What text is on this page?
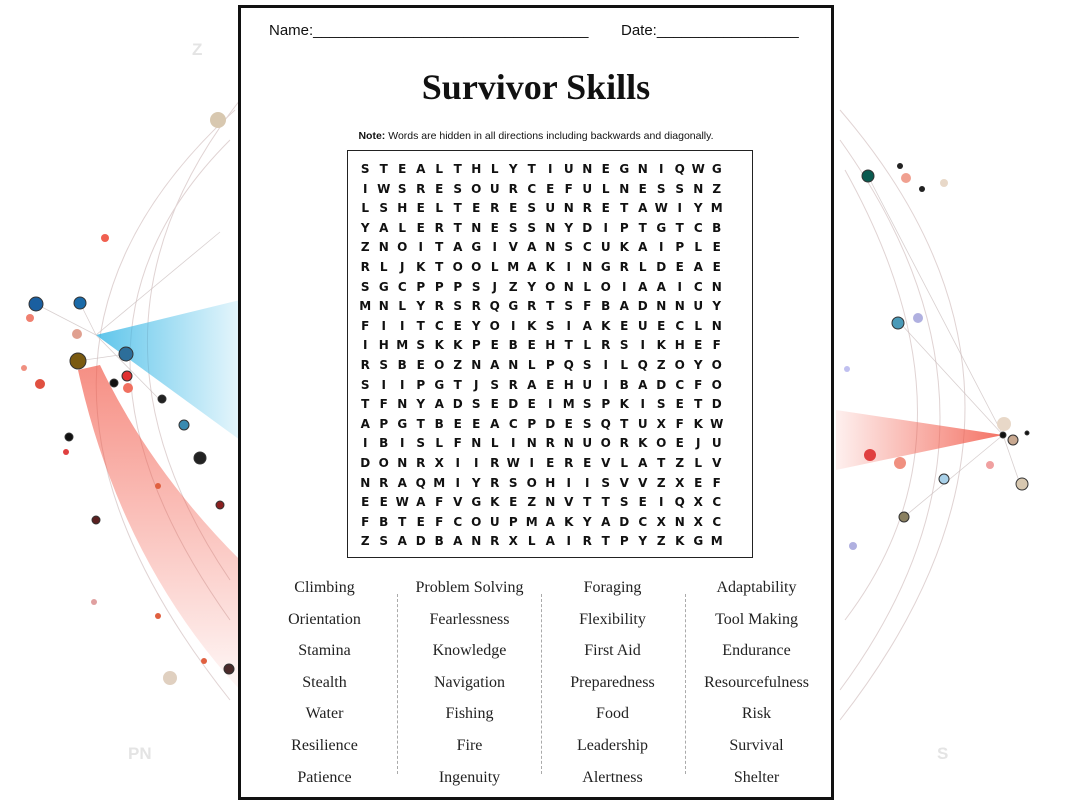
Z
PN	S
Name:_________________________________ Date:_________________
Survivor Skills
Note: Words are hidden in all directions including backwards and diagonally.
S T E A L T H L Y T	I U N E G N I Q W G
I W S R E S O U R C E F U L N E S S N Z
L S H E L T E R E S U N R E T A W I Y M
Y A L E R T N E S S N Y D I P T G T C B
Z N O I	T A G I V A N S C U K A I P L E
R L	J K T O O L M A K I N G R L D E A E
S G C P P P S J Z Y O N L O I A A I C N
M N L Y R S R Q G R T S F B A D N N U Y
F	I	I	T C E Y O I K S I A K E U E C L N
I H M S K K P E B E H T L R S I K H E F
R S B E O Z N A N L P Q S I	L Q Z O Y O
S I	I P G T	J S R A E H U I B A D C F O
T F N Y A D S E D E	I M S P K I S E T D
A P G T B E E A C P D E S Q T U X F K W
I B I S L F N L	I N R N U O R K O E	J U
D O N R X I	I R W I	E R E V L A T Z L V
N R A Q M I Y R S O H I	I S V V Z X E F
E E W A F V G K E Z N V T T S E	I Q X C
F B T E F C O U P M A K Y A D C X N X C
Z S A D B A N R X L A I R T P Y Z K G M
Climbing
Orientation
Stamina
Stealth
Water
Resilience
Patience
Problem Solving
Fearlessness
Knowledge
Navigation
Fishing
Fire
Ingenuity
Foraging
Flexibility
First Aid
Preparedness
Food
Leadership
Alertness
Adaptability
Tool Making
Endurance
Resourcefulness
Risk
Survival
Shelter
